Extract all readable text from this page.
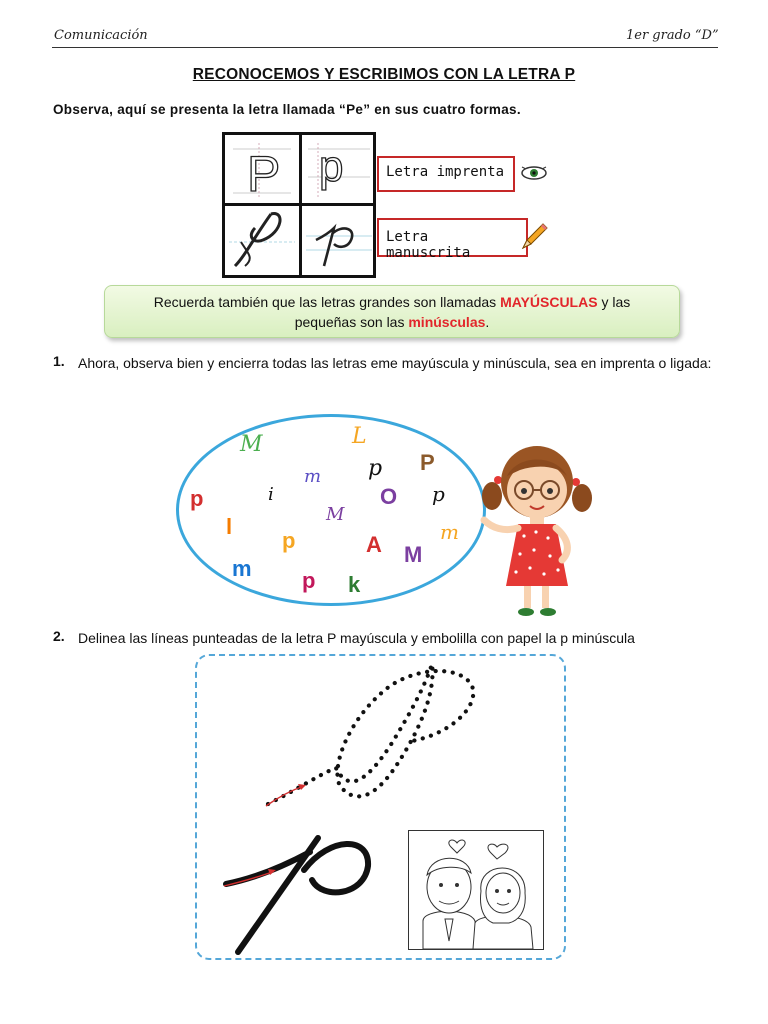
Comunicación	1er grado “D”
RECONOCEMOS Y ESCRIBIMOS CON LA LETRA P
Observa, aquí se presenta la letra llamada “Pe” en sus cuatro formas.
P p	Letra imprenta
Letra manuscrita
Recuerda también que las letras grandes son llamadas MAYÚSCULAS y las
pequeñas son las minúsculas.
1. Ahora, observa bien y encierra todas las letras eme mayúscula y minúscula, sea en imprenta o ligada:
M	L
m p P
p	i
M
O p
l
p	m
A M
m p k
2. Delinea las líneas punteadas de la letra P mayúscula y embolilla con papel la p minúscula
